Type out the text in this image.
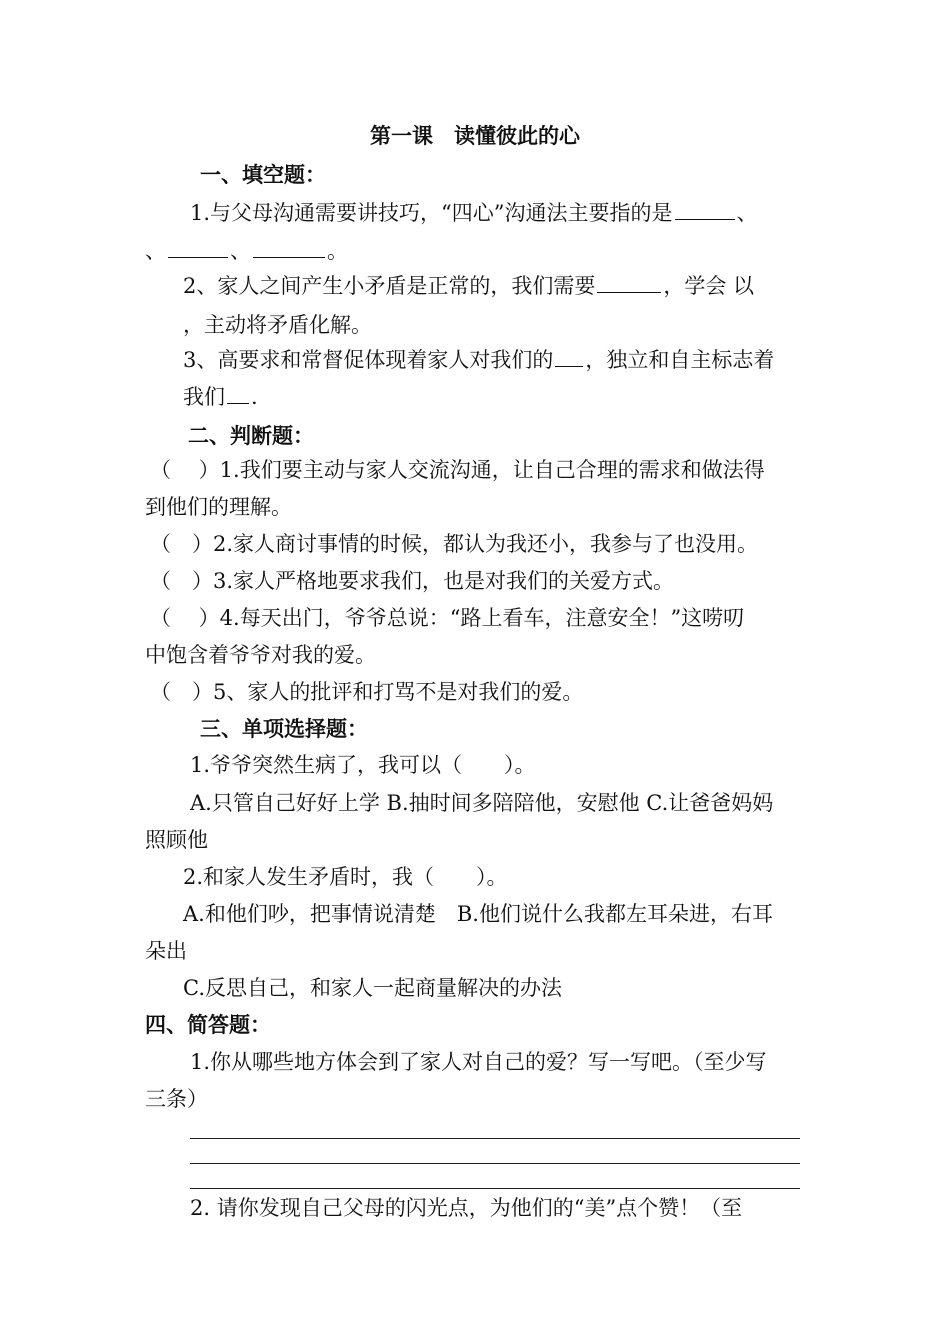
第一课　读懂彼此的心
一、填空题：
1.与父母沟通需要讲技巧，“四心”沟通法主要指的是	、
、	、	。
2、家人之间产生小矛盾是正常的，我们需要	，学会 以
，主动将矛盾化解。
3、高要求和常督促体现着家人对我们的 ，独立和自主标志着
我们 .
二、判断题：
（　 ）1.我们要主动与家人交流沟通，让自己合理的需求和做法得
到他们的理解。
（　）2.家人商讨事情的时候，都认为我还小，我参与了也没用。
（　）3.家人严格地要求我们，也是对我们的关爱方式。
（　 ）4.每天出门，爷爷总说：“路上看车，注意安全！”这唠叨
中饱含着爷爷对我的爱。
（　）5、家人的批评和打骂不是对我们的爱。
三、单项选择题：
1.爷爷突然生病了，我可以（　　）。
A.只管自己好好上学 B.抽时间多陪陪他，安慰他 C.让爸爸妈妈
照顾他
2.和家人发生矛盾时，我（　　）。
A.和他们吵，把事情说清楚　B.他们说什么我都左耳朵进，右耳
朵出
C.反思自己，和家人一起商量解决的办法
四、简答题：
1.你从哪些地方体会到了家人对自己的爱？写一写吧。（至少写
三条）
2. 请你发现自己父母的闪光点，为他们的“美”点个赞！（至
